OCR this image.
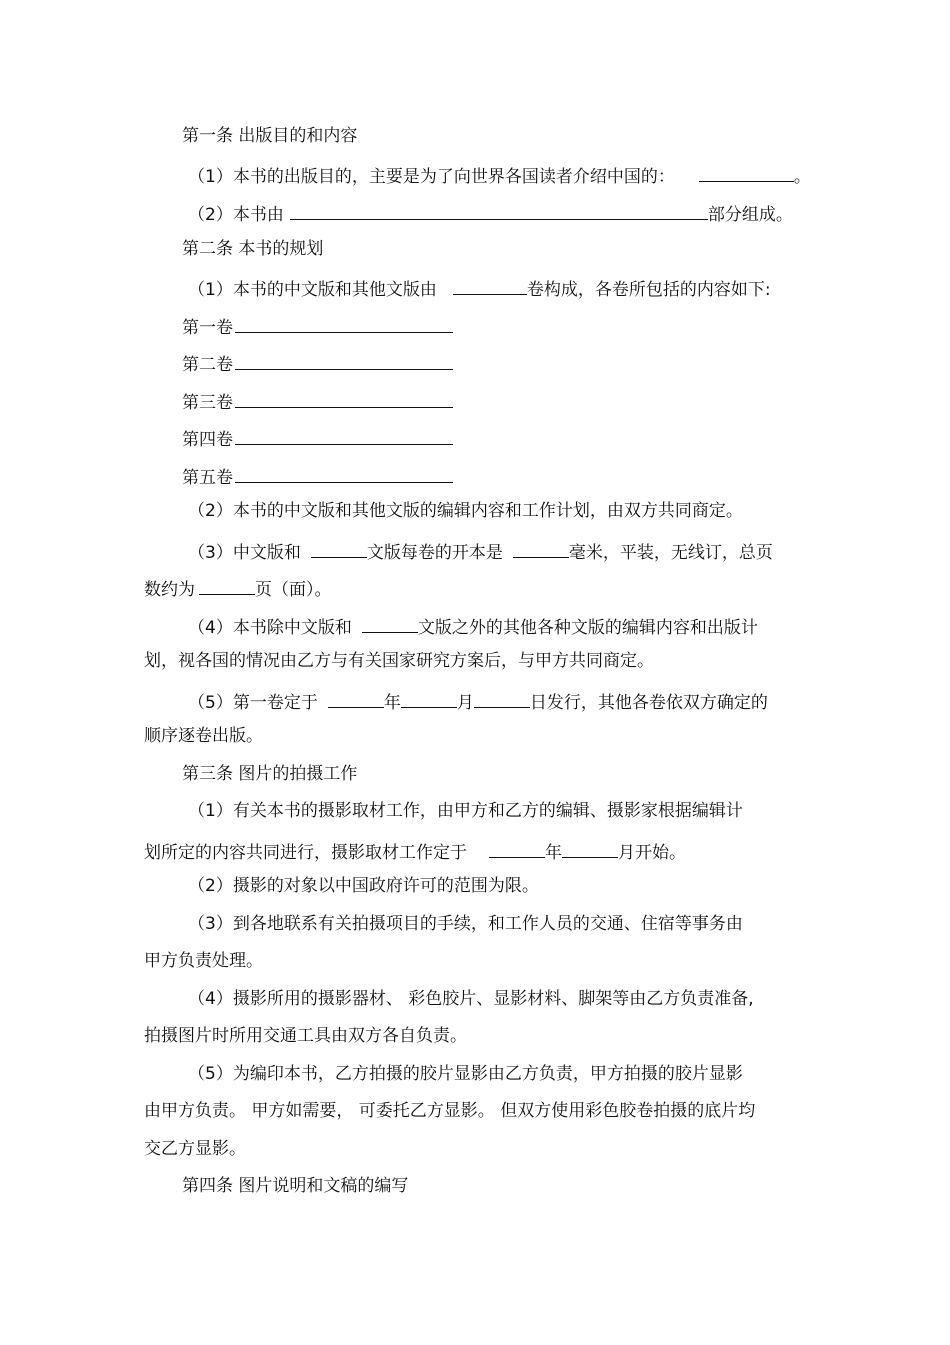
第一条 出版目的和内容
（1）本书的出版目的，主要是为了向世界各国读者介绍中国的：	。
（2）本书由	部分组成。
第二条 本书的规划
（1）本书的中文版和其他文版由	卷构成，各卷所包括的内容如下:
第一卷
第二卷
第三卷
第四卷
第五卷
（2）本书的中文版和其他文版的编辑内容和工作计划，由双方共同商定。
（3）中文版和	文版每卷的开本是	毫米，平装，无线订，总页
数约为	页（面）。
（4）本书除中文版和	文版之外的其他各种文版的编辑内容和出版计
划，视各国的情况由乙方与有关国家研究方案后，与甲方共同商定。
（5）第一卷定于	年	月	日发行，其他各卷依双方确定的
顺序逐卷出版。
第三条 图片的拍摄工作
（1）有关本书的摄影取材工作，由甲方和乙方的编辑、摄影家根据编辑计
划所定的内容共同进行，摄影取材工作定于	年	月开始。
（2）摄影的对象以中国政府许可的范围为限。
（3）到各地联系有关拍摄项目的手续，和工作人员的交通、住宿等事务由
甲方负责处理。
（4）摄影所用的摄影器材、 彩色胶片、显影材料、脚架等由乙方负责准备,
拍摄图片时所用交通工具由双方各自负责。
（5）为编印本书，乙方拍摄的胶片显影由乙方负责，甲方拍摄的胶片显影
由甲方负责。 甲方如需要， 可委托乙方显影。 但双方使用彩色胶卷拍摄的底片均
交乙方显影。
第四条 图片说明和文稿的编写
